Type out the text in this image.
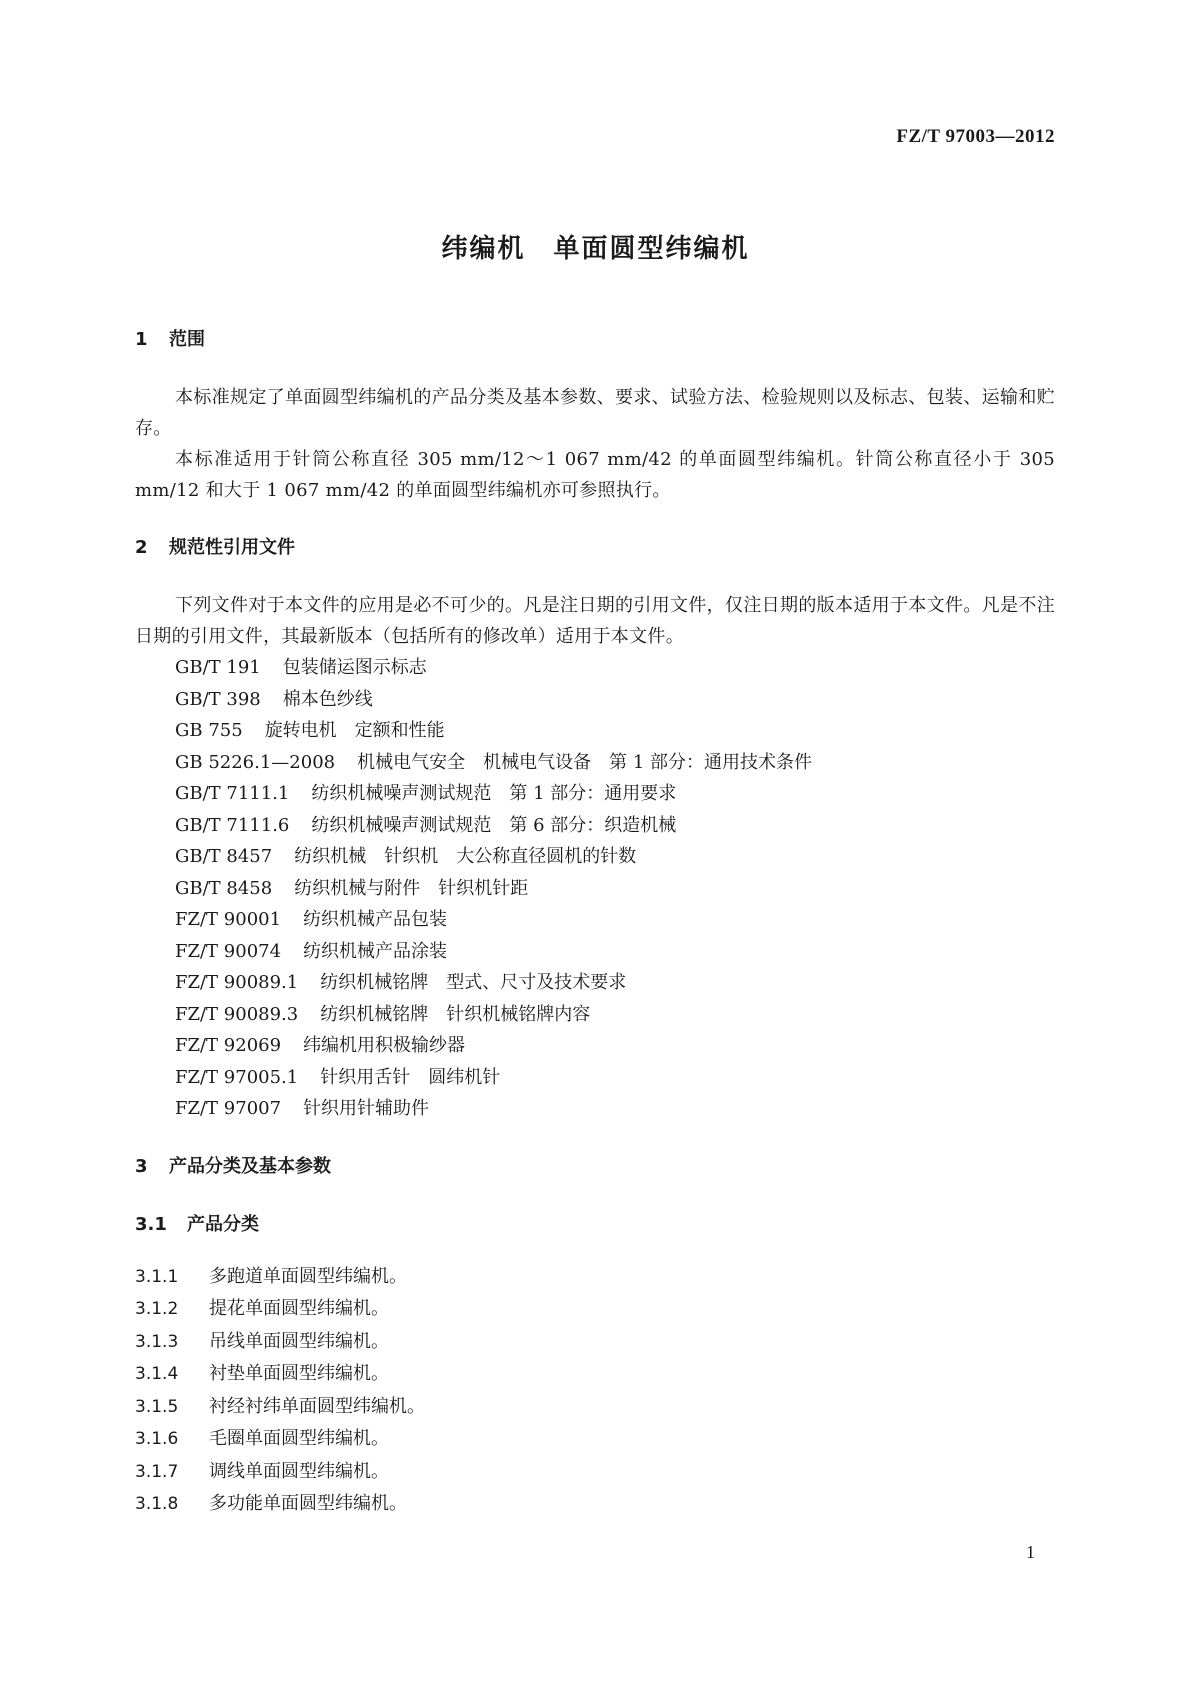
FZ/T 97003—2012
纬编机　单面圆型纬编机
1 范围
本标准规定了单面圆型纬编机的产品分类及基本参数、要求、试验方法、检验规则以及标志、包装、运输和贮存。
本标准适用于针筒公称直径 305 mm/12～1 067 mm/42 的单面圆型纬编机。针筒公称直径小于 305 mm/12 和大于 1 067 mm/42 的单面圆型纬编机亦可参照执行。
2 规范性引用文件
下列文件对于本文件的应用是必不可少的。凡是注日期的引用文件，仅注日期的版本适用于本文件。凡是不注日期的引用文件，其最新版本（包括所有的修改单）适用于本文件。
GB/T 191 包装储运图示标志
GB/T 398 棉本色纱线
GB 755 旋转电机　定额和性能
GB 5226.1—2008 机械电气安全　机械电气设备　第 1 部分：通用技术条件
GB/T 7111.1 纺织机械噪声测试规范　第 1 部分：通用要求
GB/T 7111.6 纺织机械噪声测试规范　第 6 部分：织造机械
GB/T 8457 纺织机械　针织机　大公称直径圆机的针数
GB/T 8458 纺织机械与附件　针织机针距
FZ/T 90001 纺织机械产品包装
FZ/T 90074 纺织机械产品涂装
FZ/T 90089.1 纺织机械铭牌　型式、尺寸及技术要求
FZ/T 90089.3 纺织机械铭牌　针织机械铭牌内容
FZ/T 92069 纬编机用积极输纱器
FZ/T 97005.1 针织用舌针　圆纬机针
FZ/T 97007 针织用针辅助件
3 产品分类及基本参数
3.1 产品分类
3.1.1 多跑道单面圆型纬编机。
3.1.2 提花单面圆型纬编机。
3.1.3 吊线单面圆型纬编机。
3.1.4 衬垫单面圆型纬编机。
3.1.5 衬经衬纬单面圆型纬编机。
3.1.6 毛圈单面圆型纬编机。
3.1.7 调线单面圆型纬编机。
3.1.8 多功能单面圆型纬编机。
1
